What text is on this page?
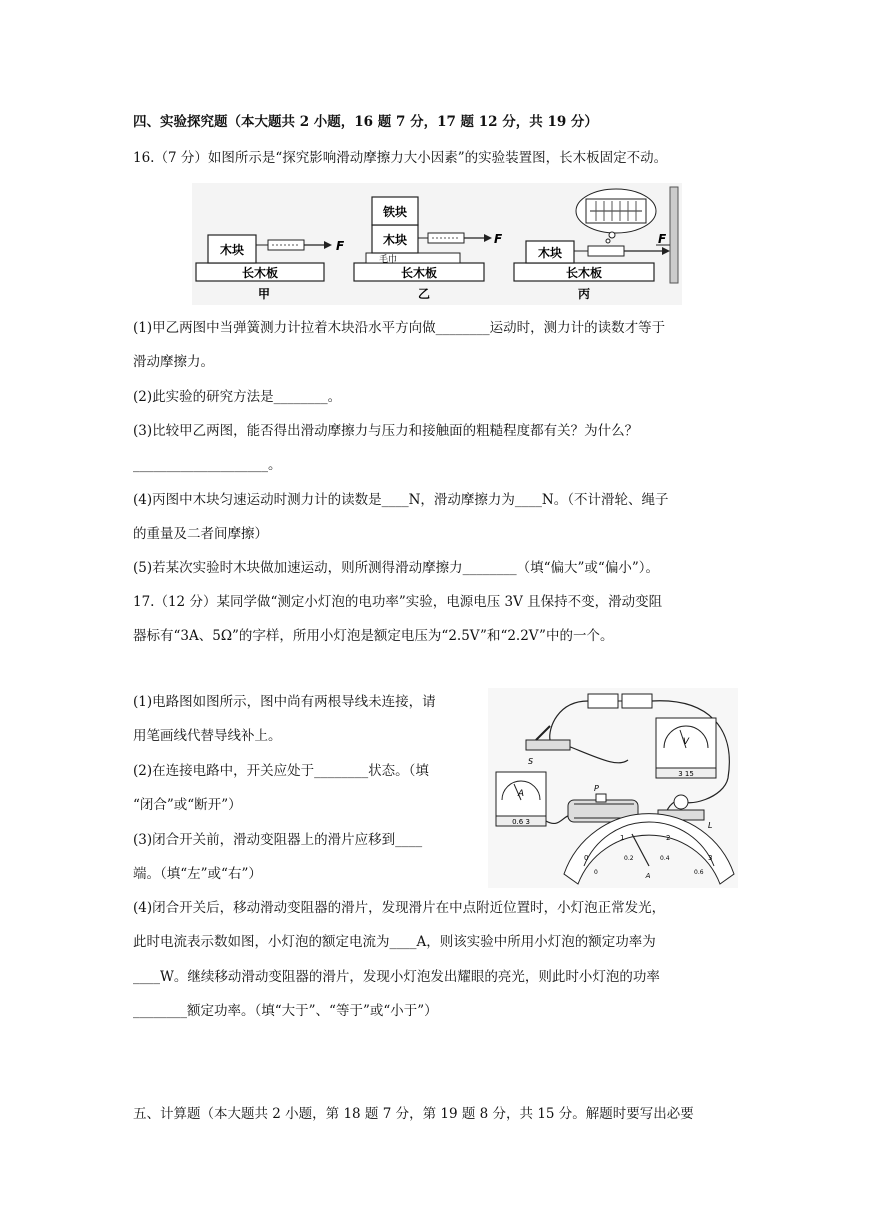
四、实验探究题（本大题共 2 小题，16 题 7 分，17 题 12 分，共 19 分）
16.（7 分）如图所示是“探究影响滑动摩擦力大小因素”的实验装置图，长木板固定不动。
长木板
木块	F
甲
长木板
毛巾
木块
铁块
F
乙
长木板
木块
F
丙
(1)甲乙两图中当弹簧测力计拉着木块沿水平方向做________运动时，测力计的读数才等于
滑动摩擦力。
(2)此实验的研究方法是________。
(3)比较甲乙两图，能否得出滑动摩擦力与压力和接触面的粗糙程度都有关？为什么？
____________________。
(4)丙图中木块匀速运动时测力计的读数是____N，滑动摩擦力为____N。（不计滑轮、绳子
的重量及二者间摩擦）
(5)若某次实验时木块做加速运动，则所测得滑动摩擦力________（填“偏大”或“偏小”）。
17.（12 分）某同学做“测定小灯泡的电功率”实验，电源电压 3V 且保持不变，滑动变阻
器标有“3A、5Ω”的字样，所用小灯泡是额定电压为“2.5V”和“2.2V”中的一个。
(1)电路图如图所示，图中尚有两根导线未连接，请
用笔画线代替导线补上。
(2)在连接电路中，开关应处于________状态。（填
“闭合”或“断开”）
(3)闭合开关前，滑动变阻器上的滑片应移到____
端。（填“左”或“右”）
S
V
3 15
A
0.6 3
P
L
0
1	2
3
0
0.2	0.4
0.6
A
(4)闭合开关后，移动滑动变阻器的滑片，发现滑片在中点附近位置时，小灯泡正常发光，
此时电流表示数如图，小灯泡的额定电流为____A，则该实验中所用小灯泡的额定功率为
____W。继续移动滑动变阻器的滑片，发现小灯泡发出耀眼的亮光，则此时小灯泡的功率
________额定功率。（填“大于”、“等于”或“小于”）
五、计算题（本大题共 2 小题，第 18 题 7 分，第 19 题 8 分，共 15 分。解题时要写出必要
